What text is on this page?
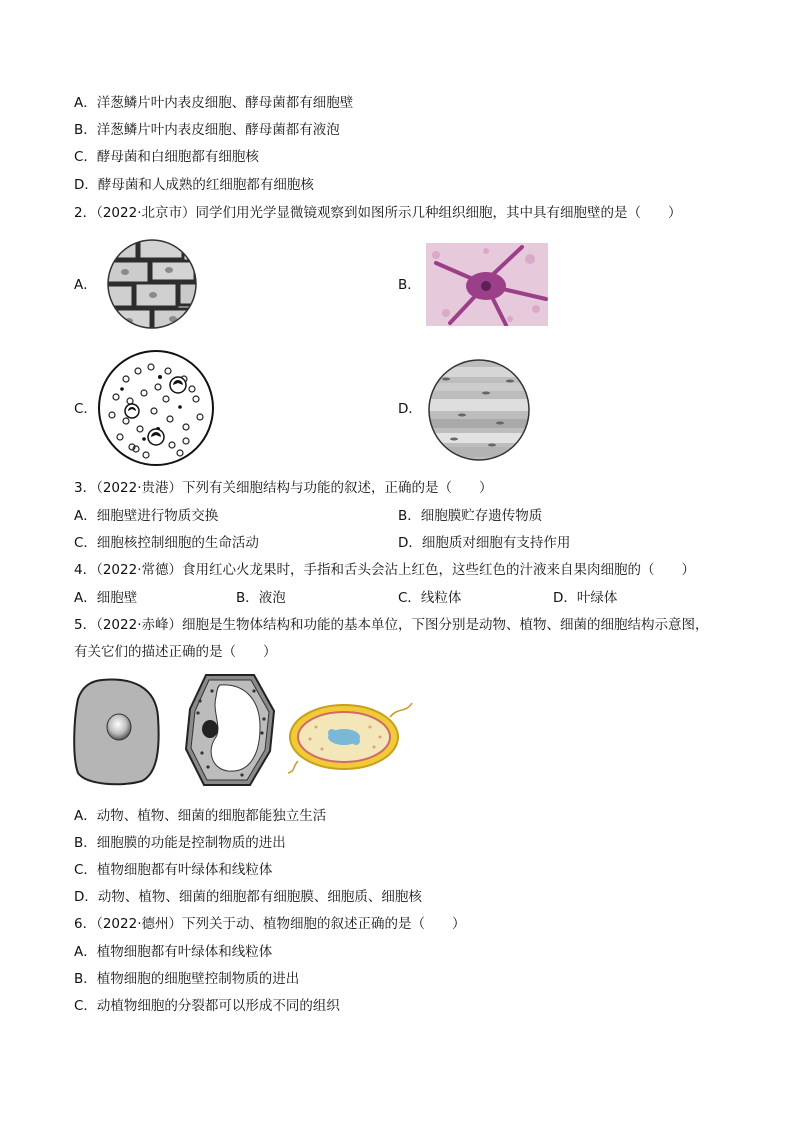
A．洋葱鳞片叶内表皮细胞、酵母菌都有细胞壁
B．洋葱鳞片叶内表皮细胞、酵母菌都有液泡
C．酵母菌和白细胞都有细胞核
D．酵母菌和人成熟的红细胞都有细胞核
2．（2022·北京市）同学们用光学显微镜观察到如图所示几种组织细胞，其中具有细胞壁的是（　　）
A．	B．
C．	D．
3．（2022·贵港）下列有关细胞结构与功能的叙述，正确的是（　　）
A．细胞壁进行物质交换	B．细胞膜贮存遗传物质
C．细胞核控制细胞的生命活动	D．细胞质对细胞有支持作用
4．（2022·常德）食用红心火龙果时，手指和舌头会沾上红色，这些红色的汁液来自果肉细胞的（　　）
A．细胞壁	B．液泡	C．线粒体	D．叶绿体
5．（2022·赤峰）细胞是生物体结构和功能的基本单位，下图分别是动物、植物、细菌的细胞结构示意图，
有关它们的描述正确的是（　　）
A．动物、植物、细菌的细胞都能独立生活
B．细胞膜的功能是控制物质的进出
C．植物细胞都有叶绿体和线粒体
D．动物、植物、细菌的细胞都有细胞膜、细胞质、细胞核
6．（2022·德州）下列关于动、植物细胞的叙述正确的是（　　）
A．植物细胞都有叶绿体和线粒体
B．植物细胞的细胞壁控制物质的进出
C．动植物细胞的分裂都可以形成不同的组织
